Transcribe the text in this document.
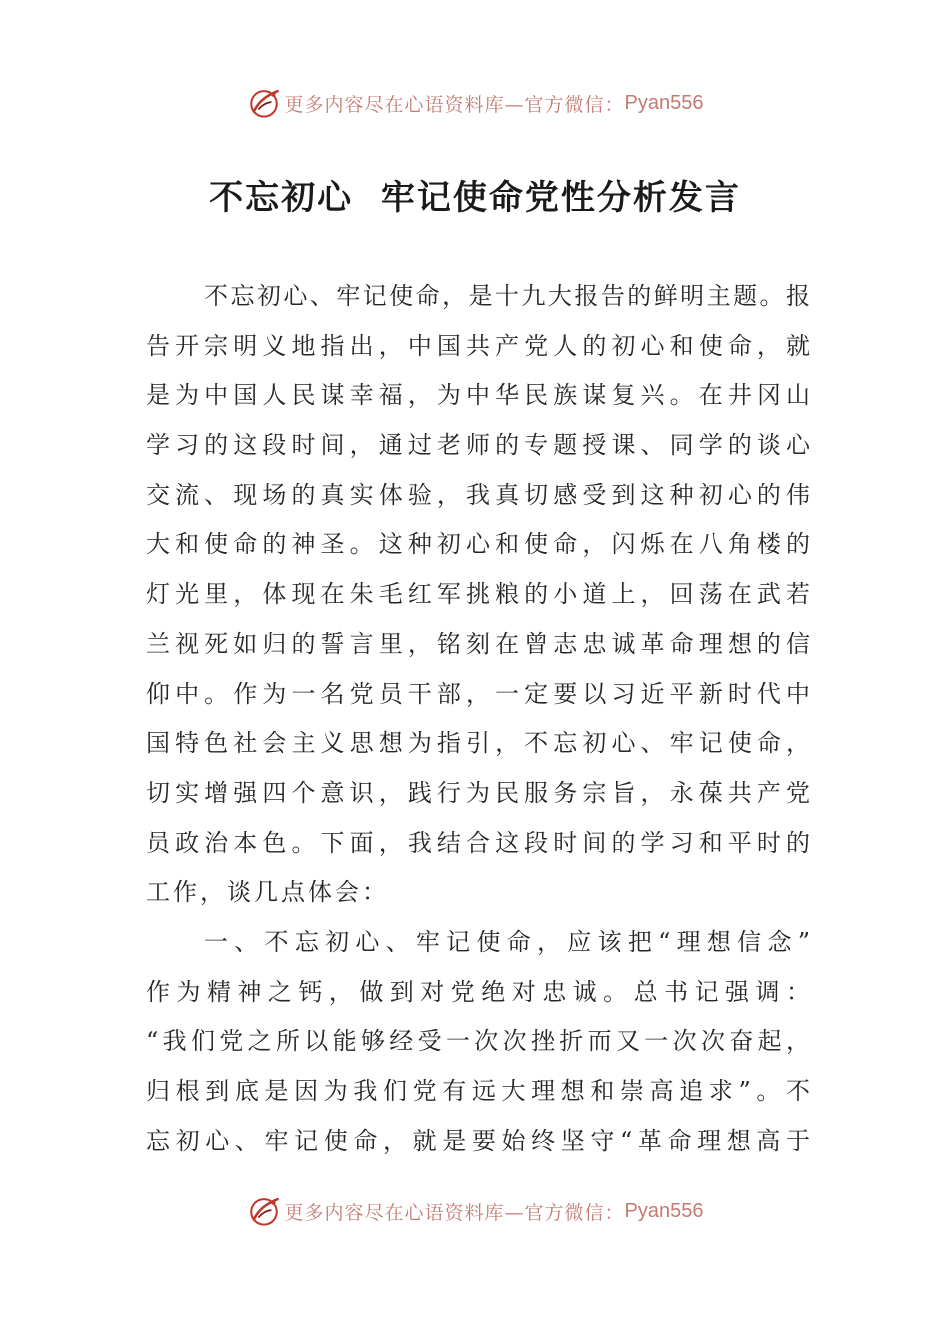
更多内容尽在心语资料库—官方微信： Pyan556
不忘初心  牢记使命党性分析发言
不忘初心、牢记使命，是十九大报告的鲜明主题。报
告开宗明义地指出，中国共产党人的初心和使命，就
是为中国人民谋幸福，为中华民族谋复兴。在井冈山
学习的这段时间，通过老师的专题授课、同学的谈心
交流、现场的真实体验，我真切感受到这种初心的伟
大和使命的神圣。这种初心和使命，闪烁在八角楼的
灯光里，体现在朱毛红军挑粮的小道上，回荡在武若
兰视死如归的誓言里，铭刻在曾志忠诚革命理想的信
仰中。作为一名党员干部，一定要以习近平新时代中
国特色社会主义思想为指引，不忘初心、牢记使命，
切实增强四个意识，践行为民服务宗旨，永葆共产党
员政治本色。下面，我结合这段时间的学习和平时的
工作，谈几点体会：
一、不忘初心、牢记使命，应该把“理想信念”
作为精神之钙，做到对党绝对忠诚。总书记强调：
“我们党之所以能够经受一次次挫折而又一次次奋起，
归根到底是因为我们党有远大理想和崇高追求”。不
忘初心、牢记使命，就是要始终坚守“革命理想高于
更多内容尽在心语资料库—官方微信： Pyan556
